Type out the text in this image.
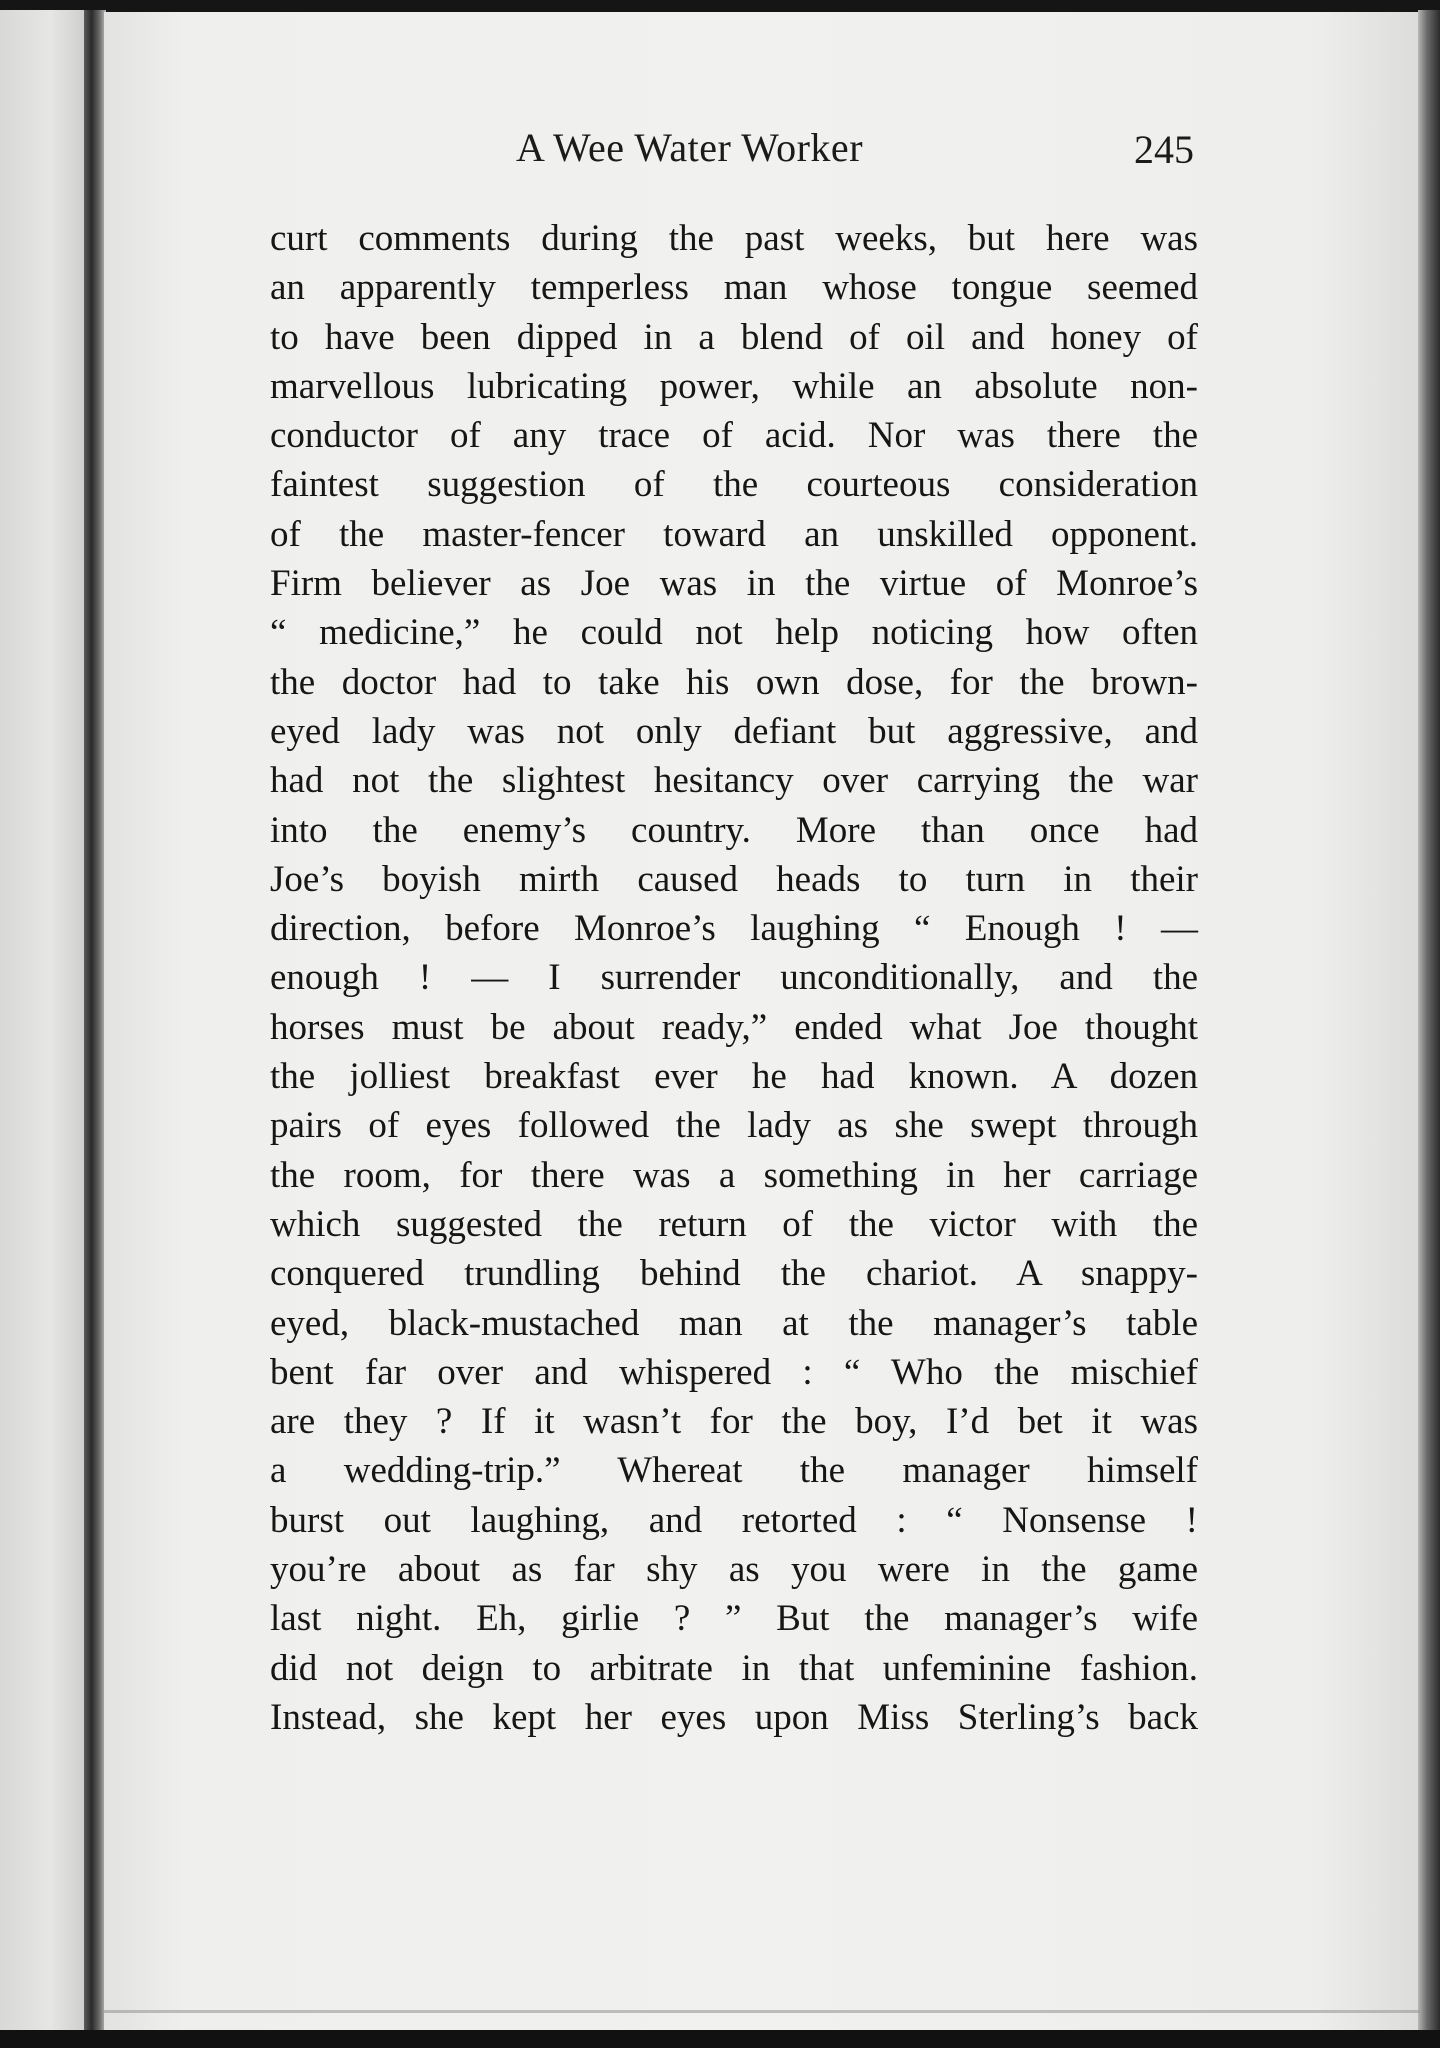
A Wee Water Worker	245
curt comments during the past weeks, but here was
an apparently temperless man whose tongue seemed
to have been dipped in a blend of oil and honey of
marvellous lubricating power, while an absolute non-
conductor of any trace of acid. Nor was there the
faintest suggestion of the courteous consideration
of the master-fencer toward an unskilled opponent.
Firm believer as Joe was in the virtue of Monroe’s
“ medicine,” he could not help noticing how often
the doctor had to take his own dose, for the brown-
eyed lady was not only defiant but aggressive, and
had not the slightest hesitancy over carrying the war
into the enemy’s country. More than once had
Joe’s boyish mirth caused heads to turn in their
direction, before Monroe’s laughing “ Enough ! —
enough ! — I surrender unconditionally, and the
horses must be about ready,” ended what Joe thought
the jolliest breakfast ever he had known. A dozen
pairs of eyes followed the lady as she swept through
the room, for there was a something in her carriage
which suggested the return of the victor with the
conquered trundling behind the chariot. A snappy-
eyed, black-mustached man at the manager’s table
bent far over and whispered : “ Who the mischief
are they ? If it wasn’t for the boy, I’d bet it was
a wedding-trip.” Whereat the manager himself
burst out laughing, and retorted : “ Nonsense !
you’re about as far shy as you were in the game
last night. Eh, girlie ? ” But the manager’s wife
did not deign to arbitrate in that unfeminine fashion.
Instead, she kept her eyes upon Miss Sterling’s back
